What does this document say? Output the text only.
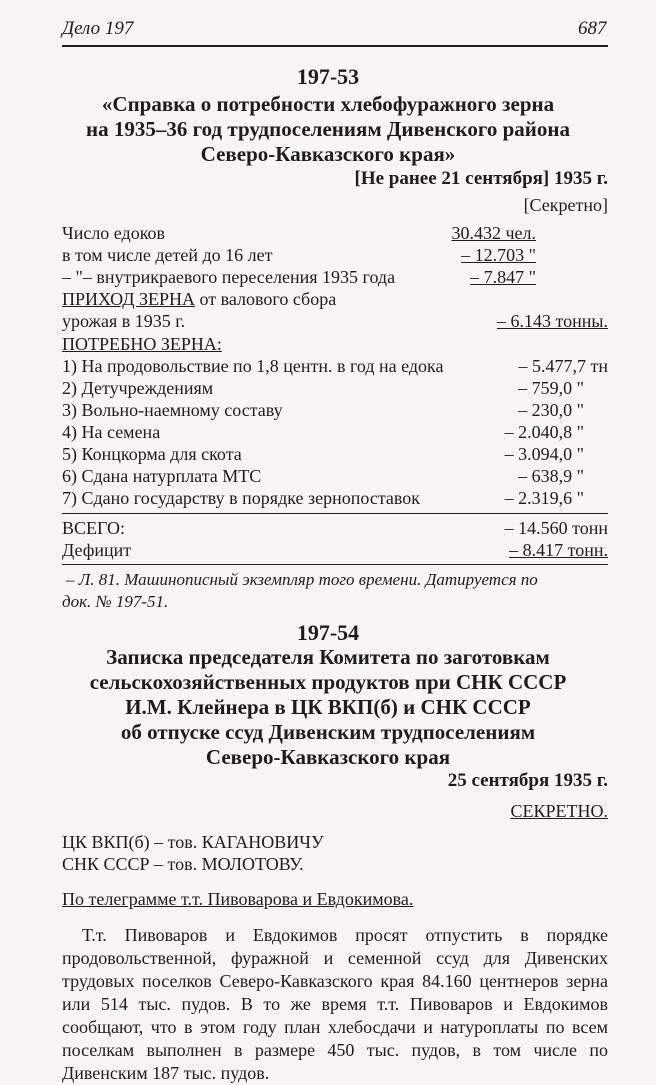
Дело 197	687
197-53
«Справка о потребности хлебофуражного зерна
на 1935–36 год трудпоселениям Дивенского района
Северо-Кавказского края»
[Не ранее 21 сентября] 1935 г.
[Секретно]
Число едоков	30.432 чел.
в том числе детей до 16 лет	– 12.703 "
– "– внутрикраевого переселения 1935 года	– 7.847 "
ПРИХОД ЗЕРНА от валового сбора
урожая в 1935 г.	– 6.143 тонны.
ПОТРЕБНО ЗЕРНА:
1) На продовольствие по 1,8 центн. в год на едока	– 5.477,7 тн
2) Детучреждениям	– 759,0 "
3) Вольно-наемному составу	– 230,0 "
4) На семена	– 2.040,8 "
5) Концкорма для скота	– 3.094,0 "
6) Сдана натурплата МТС	– 638,9 "
7) Сдано государству в порядке зернопоставок	– 2.319,6 "
ВСЕГО:	– 14.560 тонн
Дефицит	– 8.417 тонн.
– Л. 81. Машинописный экземпляр того времени. Датируется по
док. № 197-51.
197-54
Записка председателя Комитета по заготовкам
сельскохозяйственных продуктов при СНК СССР
И.М. Клейнера в ЦК ВКП(б) и СНК СССР
об отпуске ссуд Дивенским трудпоселениям
Северо-Кавказского края
25 сентября 1935 г.
СЕКРЕТНО.
ЦК ВКП(б) – тов. КАГАНОВИЧУ
СНК СССР – тов. МОЛОТОВУ.
По телеграмме т.т. Пивоварова и Евдокимова.
Т.т. Пивоваров и Евдокимов просят отпустить в порядке продовольственной, фуражной и семенной ссуд для Дивенских трудовых поселков Северо-Кавказского края 84.160 центнеров зерна или 514 тыс. пудов. В то же время т.т. Пивоваров и Евдокимов сообщают, что в этом году план хлебосдачи и натуроплаты по всем поселкам выполнен в размере 450 тыс. пудов, в том числе по Дивенским 187 тыс. пудов.
